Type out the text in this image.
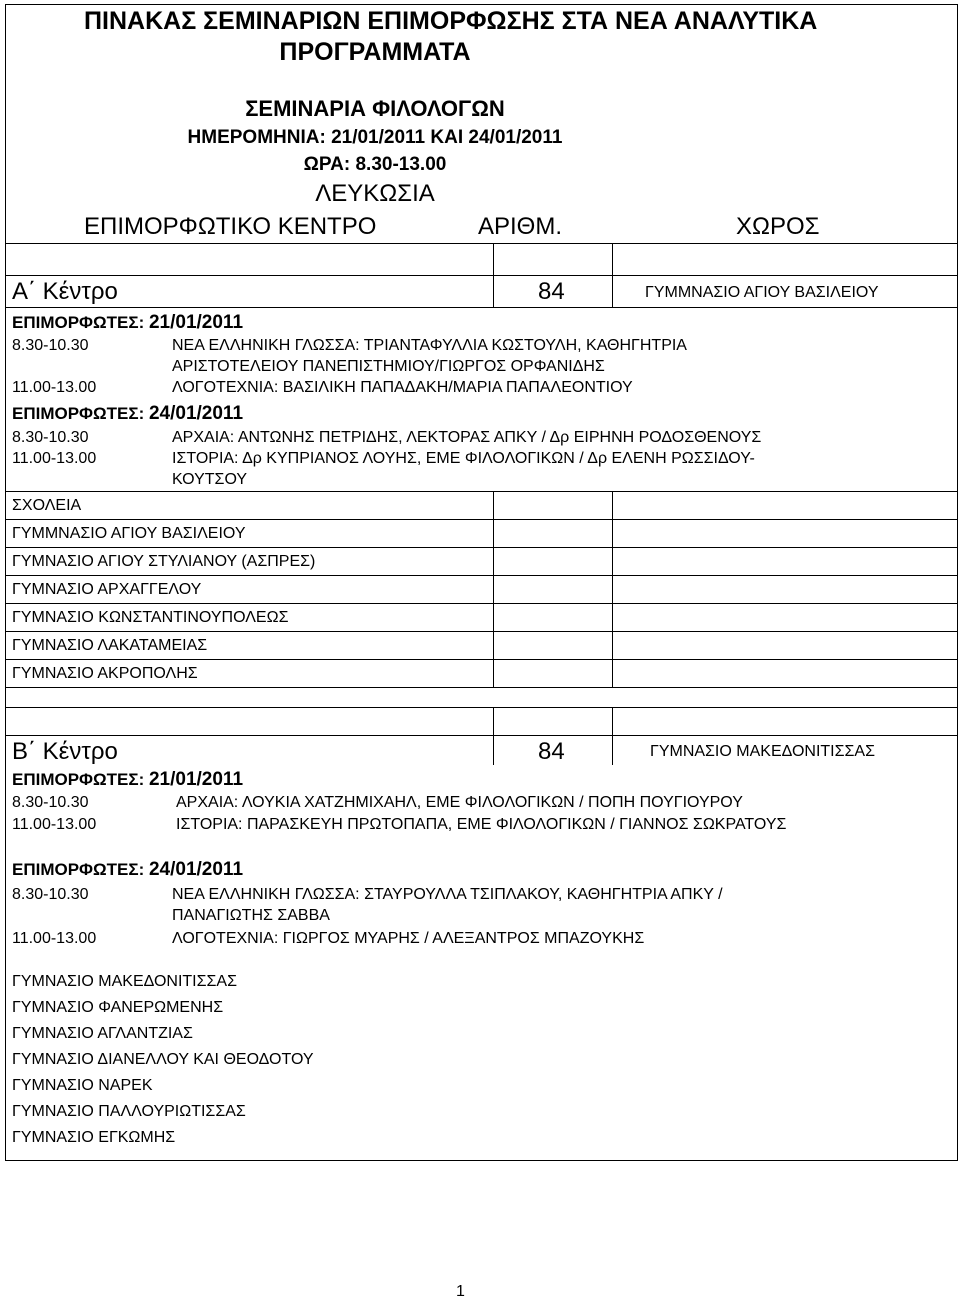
ΠΙΝΑΚΑΣ ΣΕΜΙΝΑΡΙΩΝ ΕΠΙΜΟΡΦΩΣΗΣ ΣΤΑ ΝΕΑ ΑΝΑΛΥΤΙΚΑ
ΠΡΟΓΡΑΜΜΑΤΑ
ΣΕΜΙΝΑΡΙΑ ΦΙΛΟΛΟΓΩΝ
ΗΜΕΡΟΜΗΝΙΑ: 21/01/2011 ΚΑΙ 24/01/2011
ΩΡΑ: 8.30-13.00
ΛΕΥΚΩΣΙΑ
ΕΠΙΜΟΡΦΩΤΙΚΟ ΚΕΝΤΡΟ	ΑΡΙΘΜ.	ΧΩΡΟΣ
Α΄ Κέντρο	84	ΓΥΜΜΝΑΣΙΟ ΑΓΙΟΥ ΒΑΣΙΛΕΙΟΥ
ΕΠΙΜΟΡΦΩΤΕΣ: 21/01/2011
8.30-10.30	ΝΕΑ ΕΛΛΗΝΙΚΗ ΓΛΩΣΣΑ: ΤΡΙΑΝΤΑΦΥΛΛΙΑ ΚΩΣΤΟΥΛΗ, ΚΑΘΗΓΗΤΡΙΑ
ΑΡΙΣΤΟΤΕΛΕΙΟΥ ΠΑΝΕΠΙΣΤΗΜΙΟΥ/ΓΙΩΡΓΟΣ ΟΡΦΑΝΙΔΗΣ
11.00-13.00	ΛΟΓΟΤΕΧΝΙΑ: ΒΑΣΙΛΙΚΗ ΠΑΠΑΔΑΚΗ/ΜΑΡΙΑ ΠΑΠΑΛΕΟΝΤΙΟΥ
ΕΠΙΜΟΡΦΩΤΕΣ: 24/01/2011
8.30-10.30	ΑΡΧΑΙΑ: ΑΝΤΩΝΗΣ ΠΕΤΡΙΔΗΣ, ΛΕΚΤΟΡΑΣ ΑΠΚΥ / Δρ ΕΙΡΗΝΗ ΡΟΔΟΣΘΕΝΟΥΣ
11.00-13.00	ΙΣΤΟΡΙΑ: Δρ ΚΥΠΡΙΑΝΟΣ ΛΟΥΗΣ, ΕΜΕ ΦΙΛΟΛΟΓΙΚΩΝ / Δρ ΕΛΕΝΗ ΡΩΣΣΙΔΟΥ-
ΚΟΥΤΣΟΥ
ΣΧΟΛΕΙΑ
ΓΥΜΜΝΑΣΙΟ ΑΓΙΟΥ ΒΑΣΙΛΕΙΟΥ
ΓΥΜΝΑΣΙΟ ΑΓΙΟΥ ΣΤΥΛΙΑΝΟΥ (ΑΣΠΡΕΣ)
ΓΥΜΝΑΣΙΟ ΑΡΧΑΓΓΕΛΟΥ
ΓΥΜΝΑΣΙΟ ΚΩΝΣΤΑΝΤΙΝΟΥΠΟΛΕΩΣ
ΓΥΜΝΑΣΙΟ ΛΑΚΑΤΑΜΕΙΑΣ
ΓΥΜΝΑΣΙΟ ΑΚΡΟΠΟΛΗΣ
Β΄ Κέντρο	84	ΓΥΜΝΑΣΙΟ ΜΑΚΕΔΟΝΙΤΙΣΣΑΣ
ΕΠΙΜΟΡΦΩΤΕΣ: 21/01/2011
8.30-10.30	ΑΡΧΑΙΑ: ΛΟΥΚΙΑ ΧΑΤΖΗΜΙΧΑΗΛ, ΕΜΕ ΦΙΛΟΛΟΓΙΚΩΝ / ΠΟΠΗ ΠΟΥΓΙΟΥΡΟΥ
11.00-13.00	ΙΣΤΟΡΙΑ: ΠΑΡΑΣΚΕΥΗ ΠΡΩΤΟΠΑΠΑ, ΕΜΕ ΦΙΛΟΛΟΓΙΚΩΝ / ΓΙΑΝΝΟΣ ΣΩΚΡΑΤΟΥΣ
ΕΠΙΜΟΡΦΩΤΕΣ: 24/01/2011
8.30-10.30	ΝΕΑ ΕΛΛΗΝΙΚΗ ΓΛΩΣΣΑ: ΣΤΑΥΡΟΥΛΛΑ ΤΣΙΠΛΑΚΟΥ, ΚΑΘΗΓΗΤΡΙΑ ΑΠΚΥ /
ΠΑΝΑΓΙΩΤΗΣ ΣΑΒΒΑ
11.00-13.00	ΛΟΓΟΤΕΧΝΙΑ: ΓΙΩΡΓΟΣ ΜΥΑΡΗΣ / ΑΛΕΞΑΝΤΡΟΣ ΜΠΑΖΟΥΚΗΣ
ΓΥΜΝΑΣΙΟ ΜΑΚΕΔΟΝΙΤΙΣΣΑΣ
ΓΥΜΝΑΣΙΟ ΦΑΝΕΡΩΜΕΝΗΣ
ΓΥΜΝΑΣΙΟ ΑΓΛΑΝΤΖΙΑΣ
ΓΥΜΝΑΣΙΟ ΔΙΑΝΕΛΛΟΥ ΚΑΙ ΘΕΟΔΟΤΟΥ
ΓΥΜΝΑΣΙΟ ΝΑΡΕΚ
ΓΥΜΝΑΣΙΟ ΠΑΛΛΟΥΡΙΩΤΙΣΣΑΣ
ΓΥΜΝΑΣΙΟ ΕΓΚΩΜΗΣ
1
